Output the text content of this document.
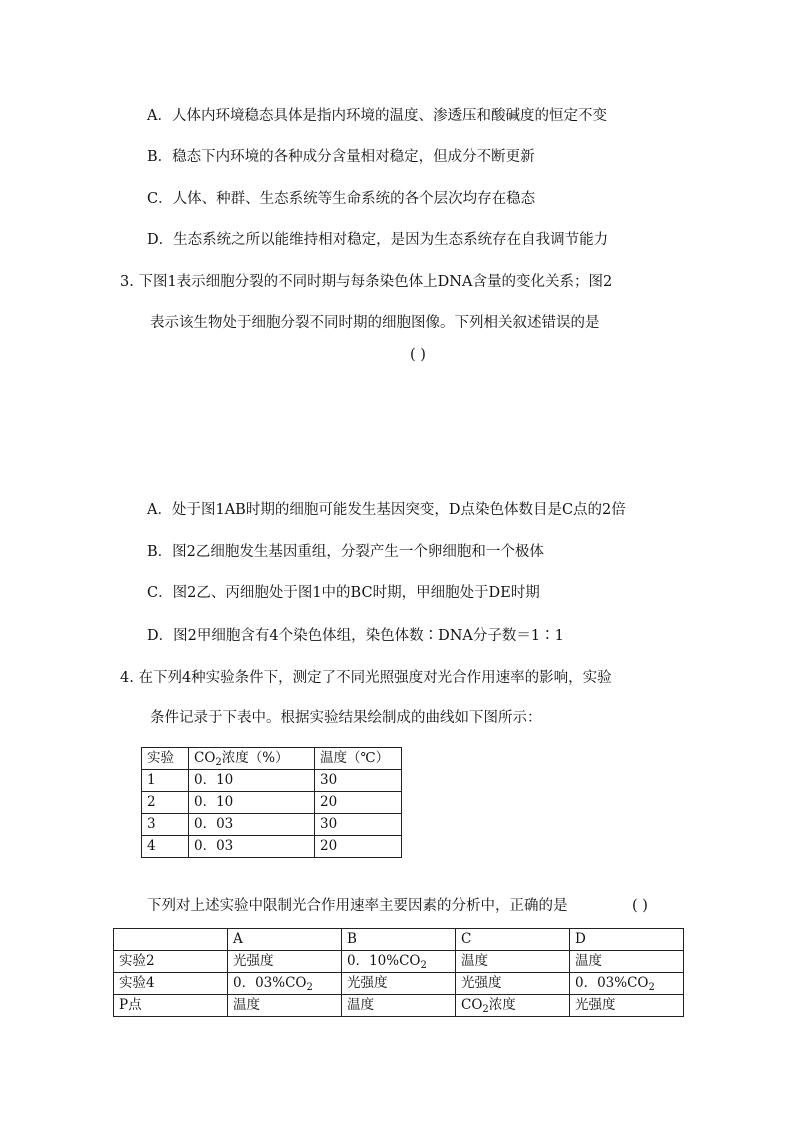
A．人体内环境稳态具体是指内环境的温度、渗透压和酸碱度的恒定不变
B．稳态下内环境的各种成分含量相对稳定，但成分不断更新
C．人体、种群、生态系统等生命系统的各个层次均存在稳态
D．生态系统之所以能维持相对稳定，是因为生态系统存在自我调节能力
3. 下图1表示细胞分裂的不同时期与每条染色体上DNA含量的变化关系；图2
表示该生物处于细胞分裂不同时期的细胞图像。下列相关叙述错误的是
( )
A．处于图1AB时期的细胞可能发生基因突变，D点染色体数目是C点的2倍
B．图2乙细胞发生基因重组，分裂产生一个卵细胞和一个极体
C．图2乙、丙细胞处于图1中的BC时期，甲细胞处于DE时期
D．图2甲细胞含有4个染色体组，染色体数∶DNA分子数＝1∶1
4. 在下列4种实验条件下，测定了不同光照强度对光合作用速率的影响，实验
条件记录于下表中。根据实验结果绘制成的曲线如下图所示：
实验	$CO_2$浓度（%）	温度（℃）
1	0．10	30
2	0．10	20
3	0．03	30
4	0．03	20
下列对上述实验中限制光合作用速率主要因素的分析中，正确的是	( )
	A	B	C	D
实验2	光强度	0．$10\%CO_2$	温度	温度
实验4	0．$03\%CO_2$	光强度	光强度	0．$03\%CO_2$
P点	温度	温度	$CO_2$浓度	光强度
